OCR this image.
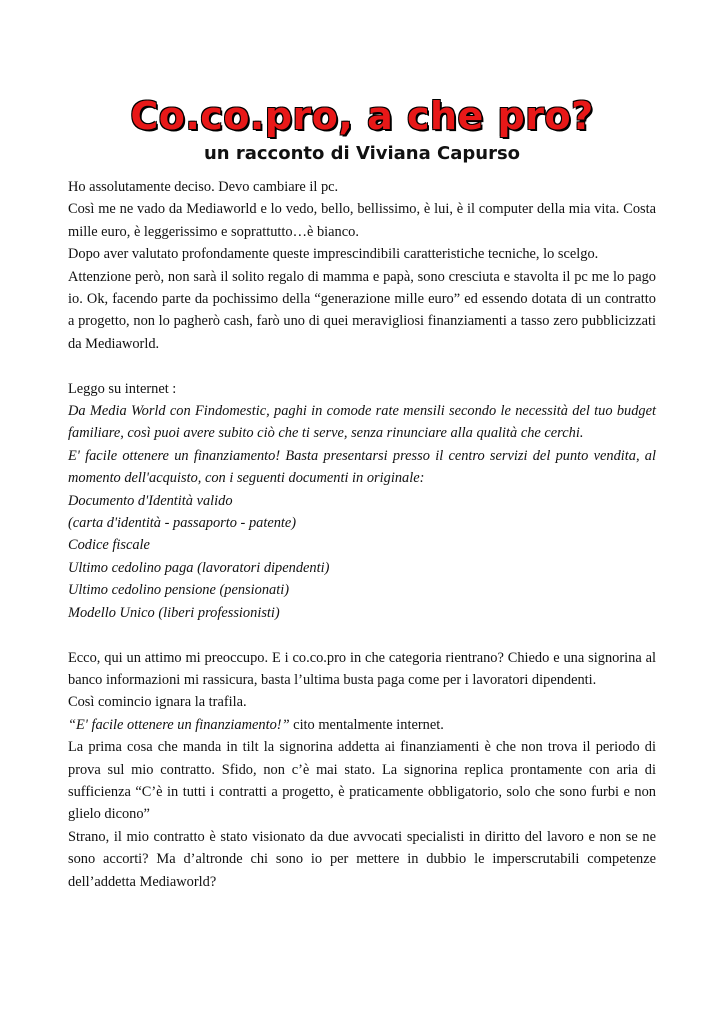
Co.co.pro, a che pro?
un racconto di Viviana Capurso

Ho assolutamente deciso. Devo cambiare il pc.

Così me ne vado da Mediaworld e lo vedo, bello, bellissimo, è lui, è il computer della mia vita. Costa mille euro, è leggerissimo e soprattutto…è bianco.

Dopo aver valutato profondamente queste imprescindibili caratteristiche tecniche, lo scelgo.

Attenzione però, non sarà il solito regalo di mamma e papà, sono cresciuta e stavolta il pc me lo pago io. Ok, facendo parte da pochissimo della “generazione mille euro” ed essendo dotata di un contratto a progetto, non lo pagherò cash, farò uno di quei meravigliosi finanziamenti a tasso zero pubblicizzati da Mediaworld.

Leggo su internet :

Da Media World con Findomestic, paghi in comode rate mensili secondo le necessità del tuo budget familiare, così puoi avere subito ciò che ti serve, senza rinunciare alla qualità che cerchi.

E' facile ottenere un finanziamento! Basta presentarsi presso il centro servizi del punto vendita, al momento dell'acquisto, con i seguenti documenti in originale:

Documento d'Identità valido

(carta d'identità - passaporto - patente)

Codice fiscale

Ultimo cedolino paga (lavoratori dipendenti)

Ultimo cedolino pensione (pensionati)

Modello Unico (liberi professionisti)

Ecco, qui un attimo mi preoccupo. E i co.co.pro in che categoria rientrano? Chiedo e una signorina al banco informazioni mi rassicura, basta l’ultima busta paga come per i lavoratori dipendenti.

Così comincio ignara la trafila.

“E' facile ottenere un finanziamento!” cito mentalmente internet.

La prima cosa che manda in tilt la signorina addetta ai finanziamenti è che non trova il periodo di prova sul mio contratto. Sfido, non c’è mai stato. La signorina replica prontamente con aria di sufficienza “C’è in tutti i contratti a progetto, è praticamente obbligatorio, solo che sono furbi e non glielo dicono”

Strano, il mio contratto è stato visionato da due avvocati specialisti in diritto del lavoro e non se ne sono accorti? Ma d’altronde chi sono io per mettere in dubbio le imperscrutabili competenze dell’addetta Mediaworld?
